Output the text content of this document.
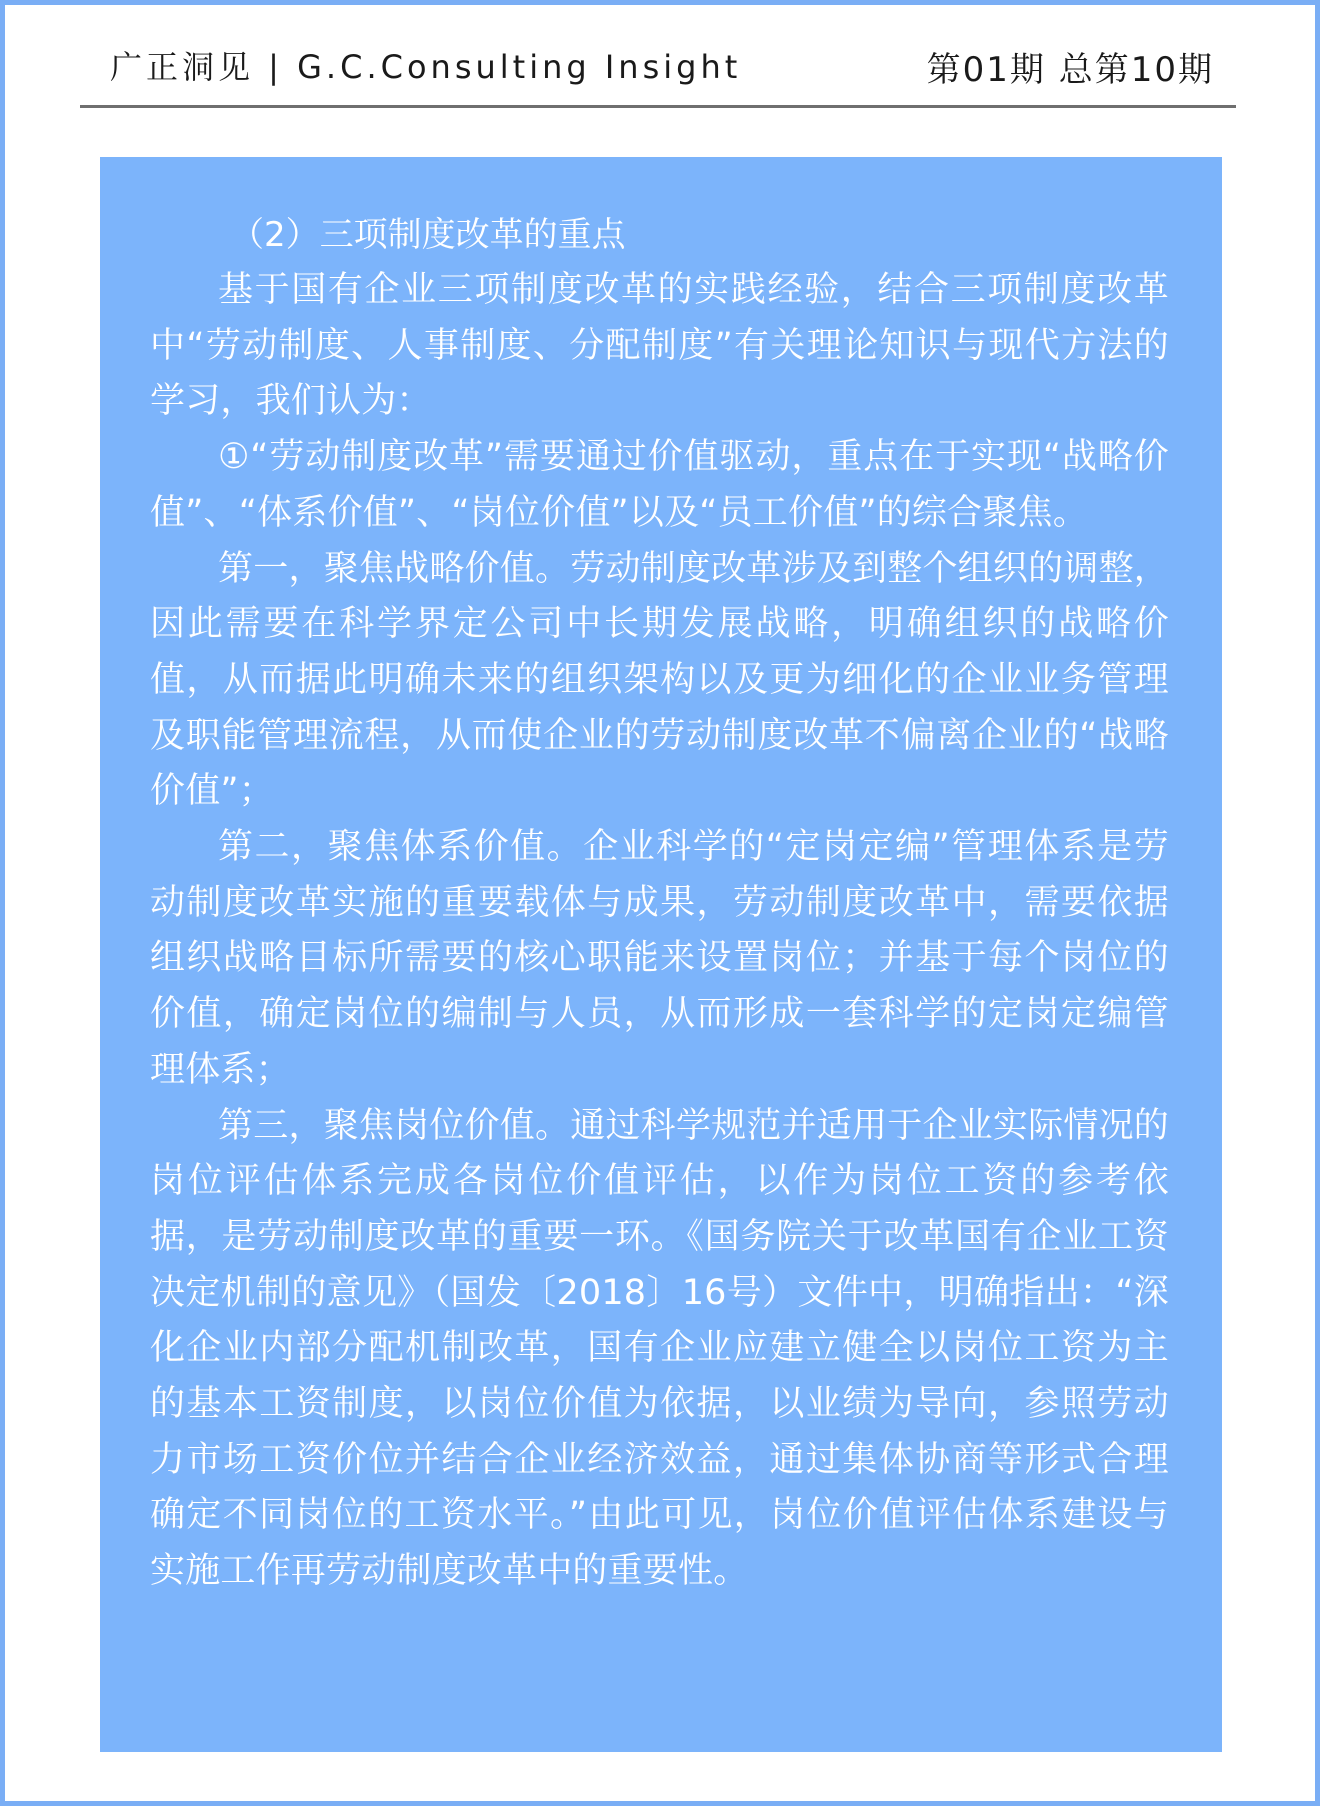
广正洞见 | G.C.Consulting Insight	第01期 总第10期
（2）三项制度改革的重点

基于国有企业三项制度改革的实践经验，结合三项制度改革中“劳动制度、人事制度、分配制度”有关理论知识与现代方法的学习，我们认为：

①“劳动制度改革”需要通过价值驱动，重点在于实现“战略价值”、“体系价值”、“岗位价值”以及“员工价值”的综合聚焦。

第一，聚焦战略价值。劳动制度改革涉及到整个组织的调整，因此需要在科学界定公司中长期发展战略，明确组织的战略价值，从而据此明确未来的组织架构以及更为细化的企业业务管理及职能管理流程，从而使企业的劳动制度改革不偏离企业的“战略价值”；

第二，聚焦体系价值。企业科学的“定岗定编”管理体系是劳动制度改革实施的重要载体与成果，劳动制度改革中，需要依据组织战略目标所需要的核心职能来设置岗位；并基于每个岗位的价值，确定岗位的编制与人员，从而形成一套科学的定岗定编管理体系；

第三，聚焦岗位价值。通过科学规范并适用于企业实际情况的岗位评估体系完成各岗位价值评估，以作为岗位工资的参考依据，是劳动制度改革的重要一环。《国务院关于改革国有企业工资决定机制的意见》（国发〔2018〕16号）文件中，明确指出：“深化企业内部分配机制改革，国有企业应建立健全以岗位工资为主的基本工资制度，以岗位价值为依据，以业绩为导向，参照劳动力市场工资价位并结合企业经济效益，通过集体协商等形式合理确定不同岗位的工资水平。”由此可见，岗位价值评估体系建设与实施工作再劳动制度改革中的重要性。
